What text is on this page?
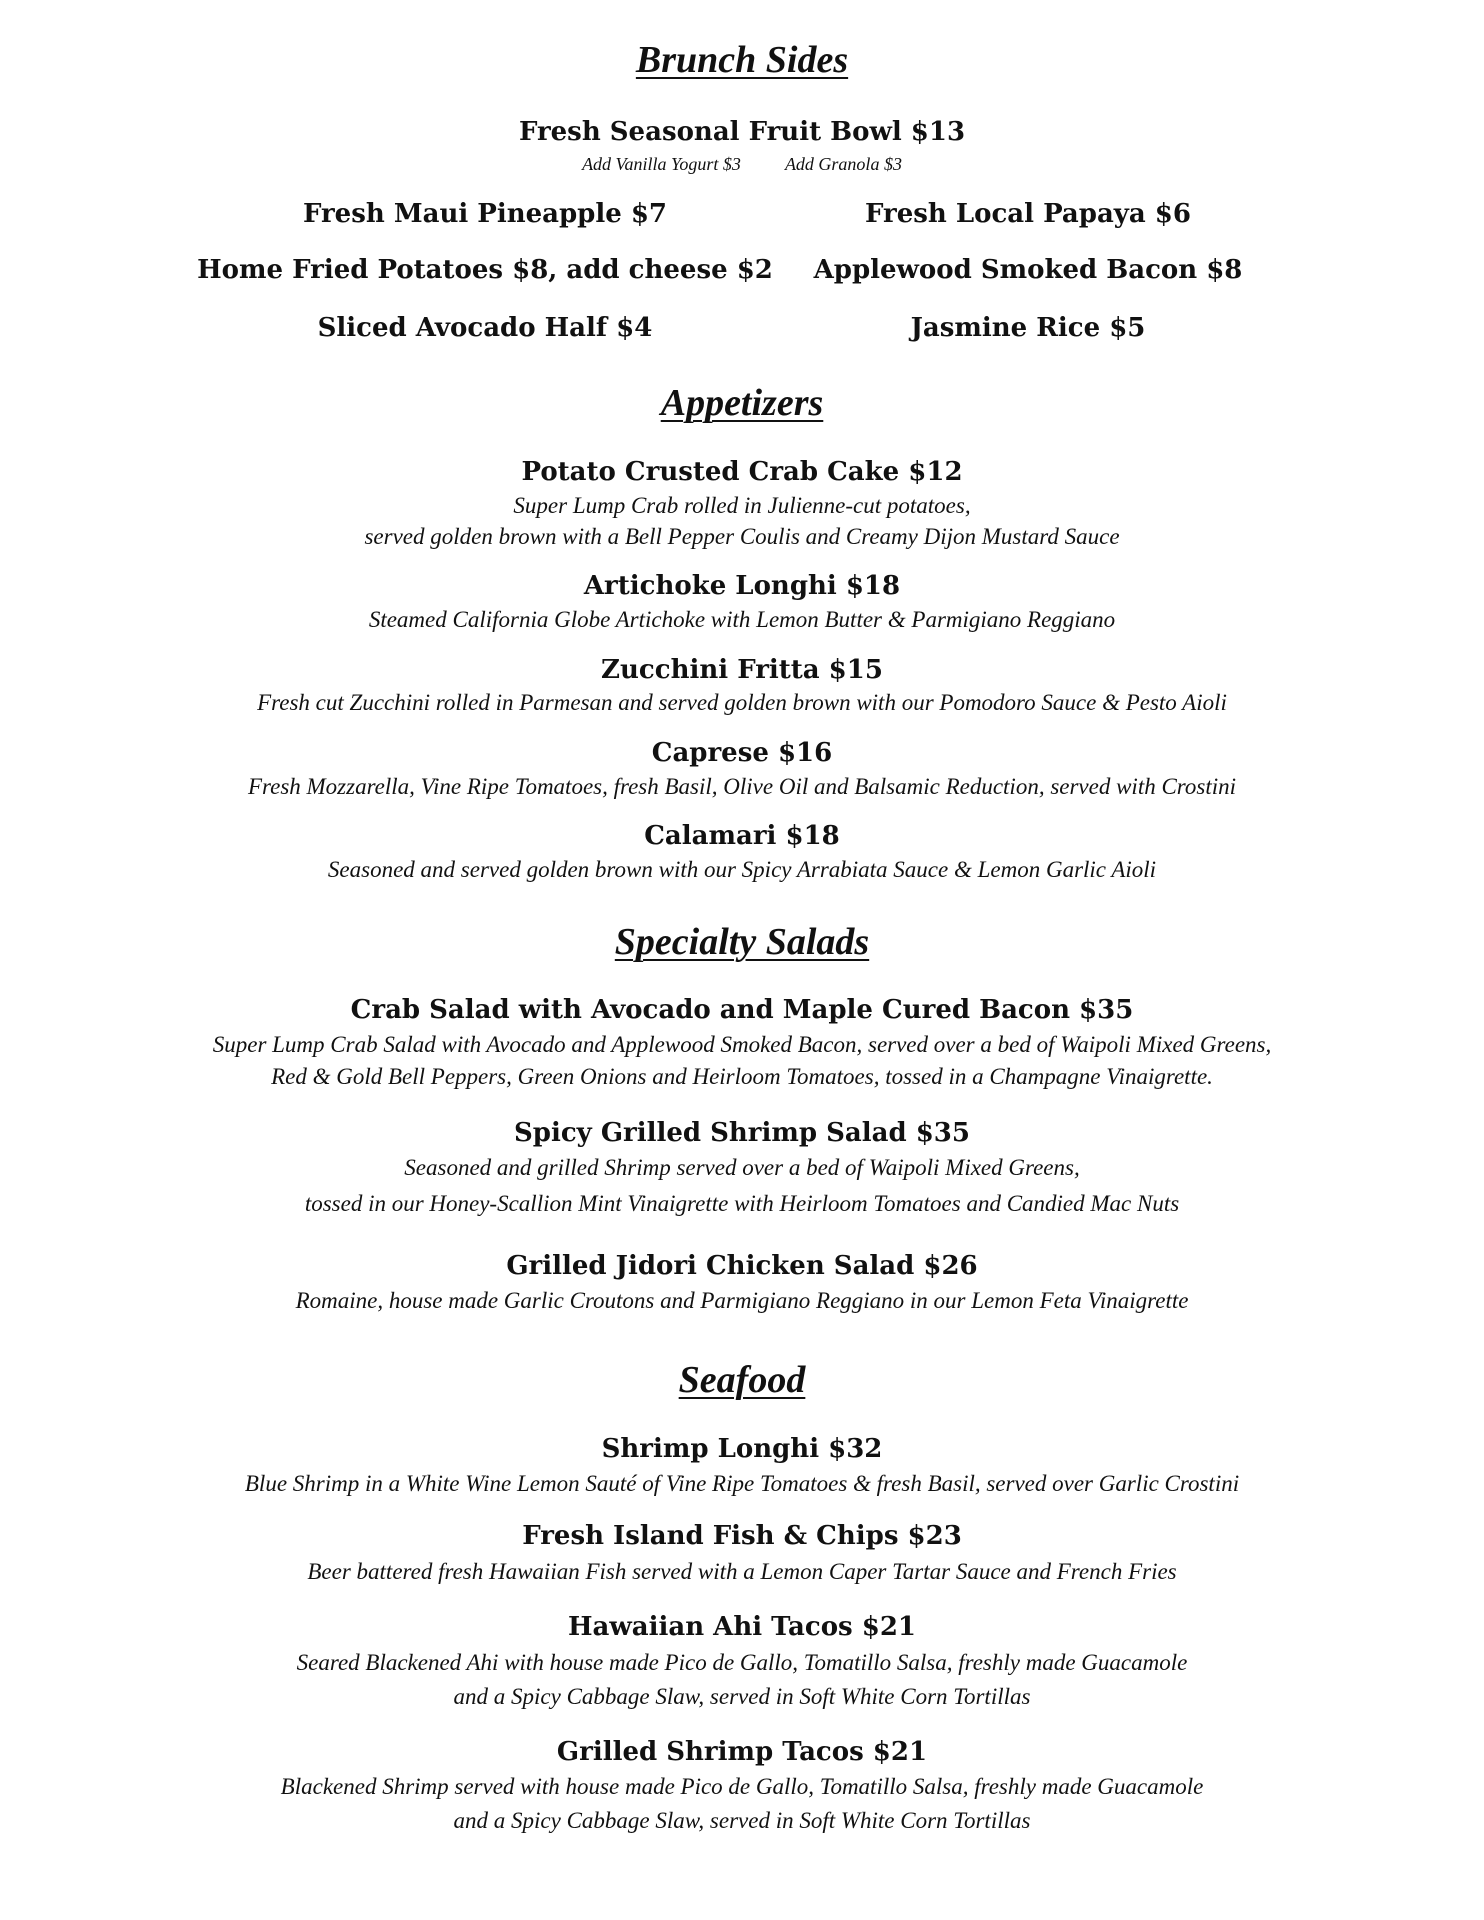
Brunch Sides
Fresh Seasonal Fruit Bowl $13
Add Vanilla Yogurt $3 Add Granola $3
Fresh Maui Pineapple $7	Fresh Local Papaya $6
Home Fried Potatoes $8, add cheese $2	Applewood Smoked Bacon $8
Sliced Avocado Half $4	Jasmine Rice $5
Appetizers
Potato Crusted Crab Cake $12
Super Lump Crab rolled in Julienne-cut potatoes,
served golden brown with a Bell Pepper Coulis and Creamy Dijon Mustard Sauce
Artichoke Longhi $18
Steamed California Globe Artichoke with Lemon Butter & Parmigiano Reggiano
Zucchini Fritta $15
Fresh cut Zucchini rolled in Parmesan and served golden brown with our Pomodoro Sauce & Pesto Aioli
Caprese $16
Fresh Mozzarella, Vine Ripe Tomatoes, fresh Basil, Olive Oil and Balsamic Reduction, served with Crostini
Calamari $18
Seasoned and served golden brown with our Spicy Arrabiata Sauce & Lemon Garlic Aioli
Specialty Salads
Crab Salad with Avocado and Maple Cured Bacon $35
Super Lump Crab Salad with Avocado and Applewood Smoked Bacon, served over a bed of Waipoli Mixed Greens,
Red & Gold Bell Peppers, Green Onions and Heirloom Tomatoes, tossed in a Champagne Vinaigrette.
Spicy Grilled Shrimp Salad $35
Seasoned and grilled Shrimp served over a bed of Waipoli Mixed Greens,
tossed in our Honey-Scallion Mint Vinaigrette with Heirloom Tomatoes and Candied Mac Nuts
Grilled Jidori Chicken Salad $26
Romaine, house made Garlic Croutons and Parmigiano Reggiano in our Lemon Feta Vinaigrette
Seafood
Shrimp Longhi $32
Blue Shrimp in a White Wine Lemon Sauté of Vine Ripe Tomatoes & fresh Basil, served over Garlic Crostini
Fresh Island Fish & Chips $23
Beer battered fresh Hawaiian Fish served with a Lemon Caper Tartar Sauce and French Fries
Hawaiian Ahi Tacos $21
Seared Blackened Ahi with house made Pico de Gallo, Tomatillo Salsa, freshly made Guacamole
and a Spicy Cabbage Slaw, served in Soft White Corn Tortillas
Grilled Shrimp Tacos $21
Blackened Shrimp served with house made Pico de Gallo, Tomatillo Salsa, freshly made Guacamole
and a Spicy Cabbage Slaw, served in Soft White Corn Tortillas
